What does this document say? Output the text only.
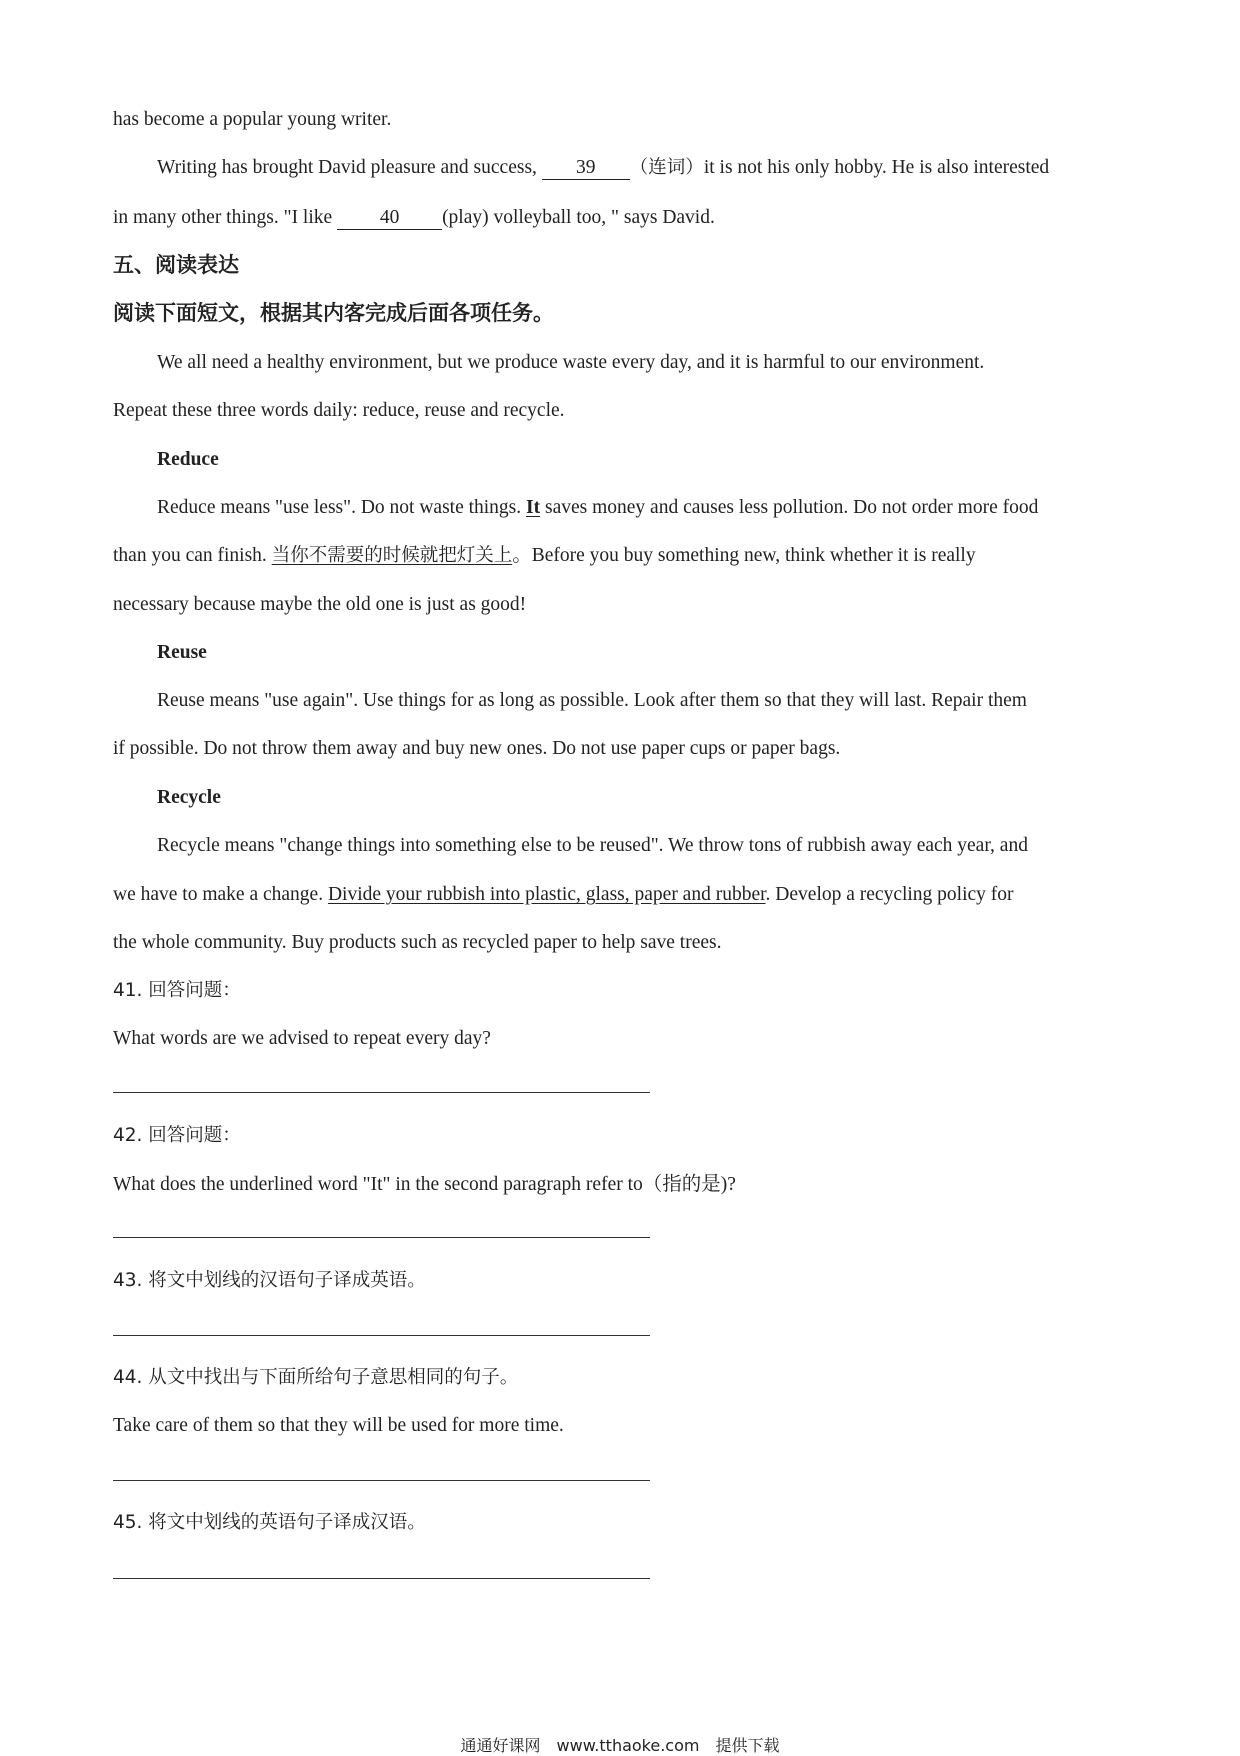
has become a popular young writer.
Writing has brought David pleasure and success, 39 （连词）it is not his only hobby. He is also interested
in many other things. "I like 40 (play) volleyball too, " says David.
五、阅读表达
阅读下面短文，根据其内客完成后面各项任务。
We all need a healthy environment, but we produce waste every day, and it is harmful to our environment.
Repeat these three words daily: reduce, reuse and recycle.
Reduce
Reduce means "use less". Do not waste things. It saves money and causes less pollution. Do not order more food
than you can finish. 当你不需要的时候就把灯关上。Before you buy something new, think whether it is really
necessary because maybe the old one is just as good!
Reuse
Reuse means "use again". Use things for as long as possible. Look after them so that they will last. Repair them
if possible. Do not throw them away and buy new ones. Do not use paper cups or paper bags.
Recycle
Recycle means "change things into something else to be reused". We throw tons of rubbish away each year, and
we have to make a change. Divide your rubbish into plastic, glass, paper and rubber. Develop a recycling policy for
the whole community. Buy products such as recycled paper to help save trees.
41. 回答问题：
What words are we advised to repeat every day?
42. 回答问题：
What does the underlined word "It" in the second paragraph refer to（指的是)?
43. 将文中划线的汉语句子译成英语。
44. 从文中找出与下面所给句子意思相同的句子。
Take care of them so that they will be used for more time.
45. 将文中划线的英语句子译成汉语。
通通好课网　www.tthaoke.com　提供下载
